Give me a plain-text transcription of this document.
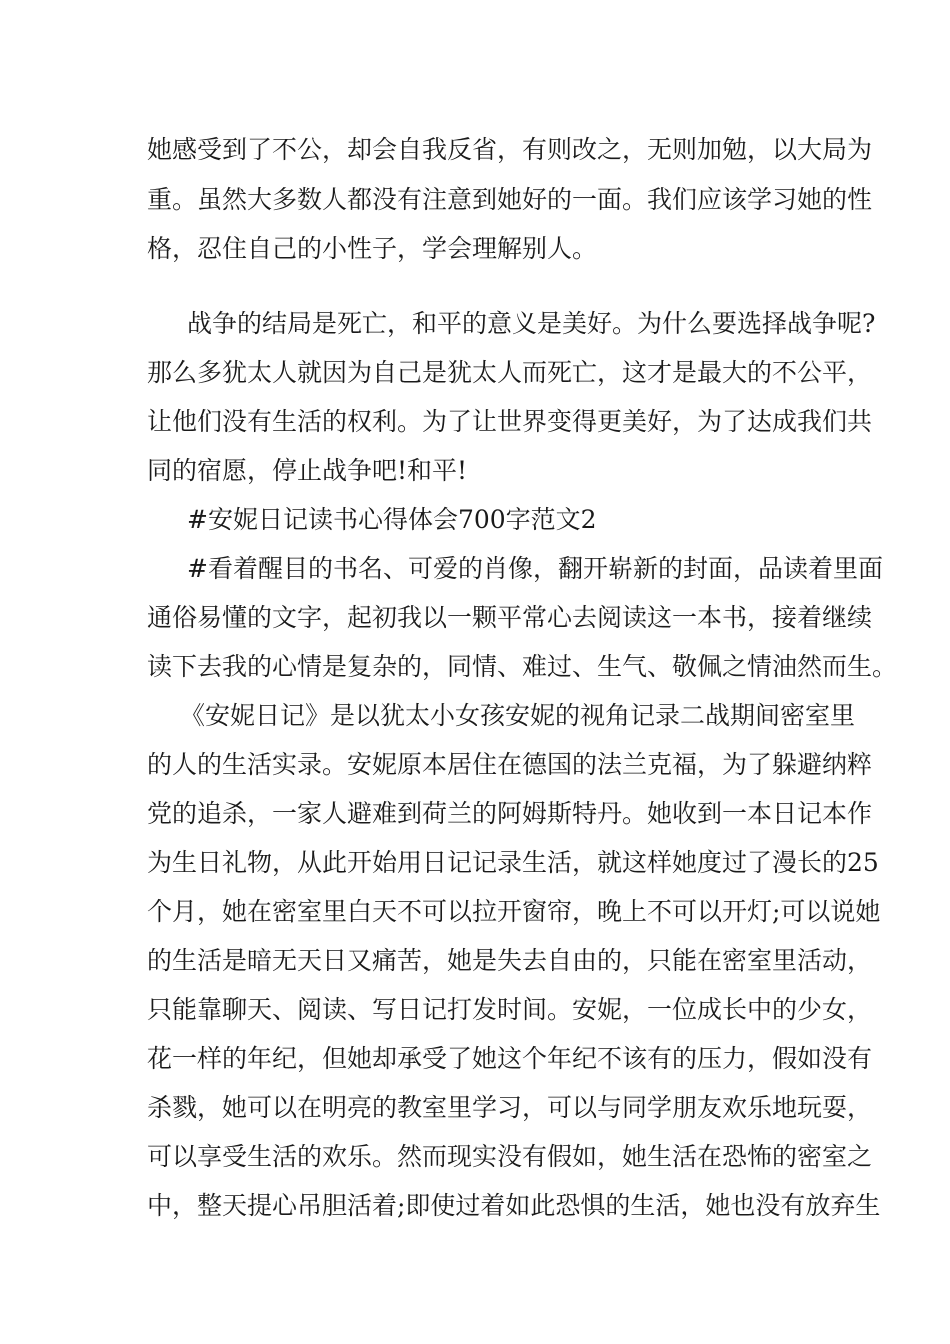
她感受到了不公，却会自我反省，有则改之，无则加勉，以大局为
重。虽然大多数人都没有注意到她好的一面。我们应该学习她的性
格，忍住自己的小性子，学会理解别人。
战争的结局是死亡，和平的意义是美好。为什么要选择战争呢?
那么多犹太人就因为自己是犹太人而死亡，这才是最大的不公平，
让他们没有生活的权利。为了让世界变得更美好，为了达成我们共
同的宿愿，停止战争吧!和平!
#安妮日记读书心得体会700字范文2
#看着醒目的书名、可爱的肖像，翻开崭新的封面，品读着里面
通俗易懂的文字，起初我以一颗平常心去阅读这一本书，接着继续
读下去我的心情是复杂的，同情、难过、生气、敬佩之情油然而生。
《安妮日记》是以犹太小女孩安妮的视角记录二战期间密室里
的人的生活实录。安妮原本居住在德国的法兰克福，为了躲避纳粹
党的追杀，一家人避难到荷兰的阿姆斯特丹。她收到一本日记本作
为生日礼物，从此开始用日记记录生活，就这样她度过了漫长的25
个月，她在密室里白天不可以拉开窗帘，晚上不可以开灯;可以说她
的生活是暗无天日又痛苦，她是失去自由的，只能在密室里活动，
只能靠聊天、阅读、写日记打发时间。安妮，一位成长中的少女，
花一样的年纪，但她却承受了她这个年纪不该有的压力，假如没有
杀戮，她可以在明亮的教室里学习，可以与同学朋友欢乐地玩耍，
可以享受生活的欢乐。然而现实没有假如，她生活在恐怖的密室之
中，整天提心吊胆活着;即使过着如此恐惧的生活，她也没有放弃生
